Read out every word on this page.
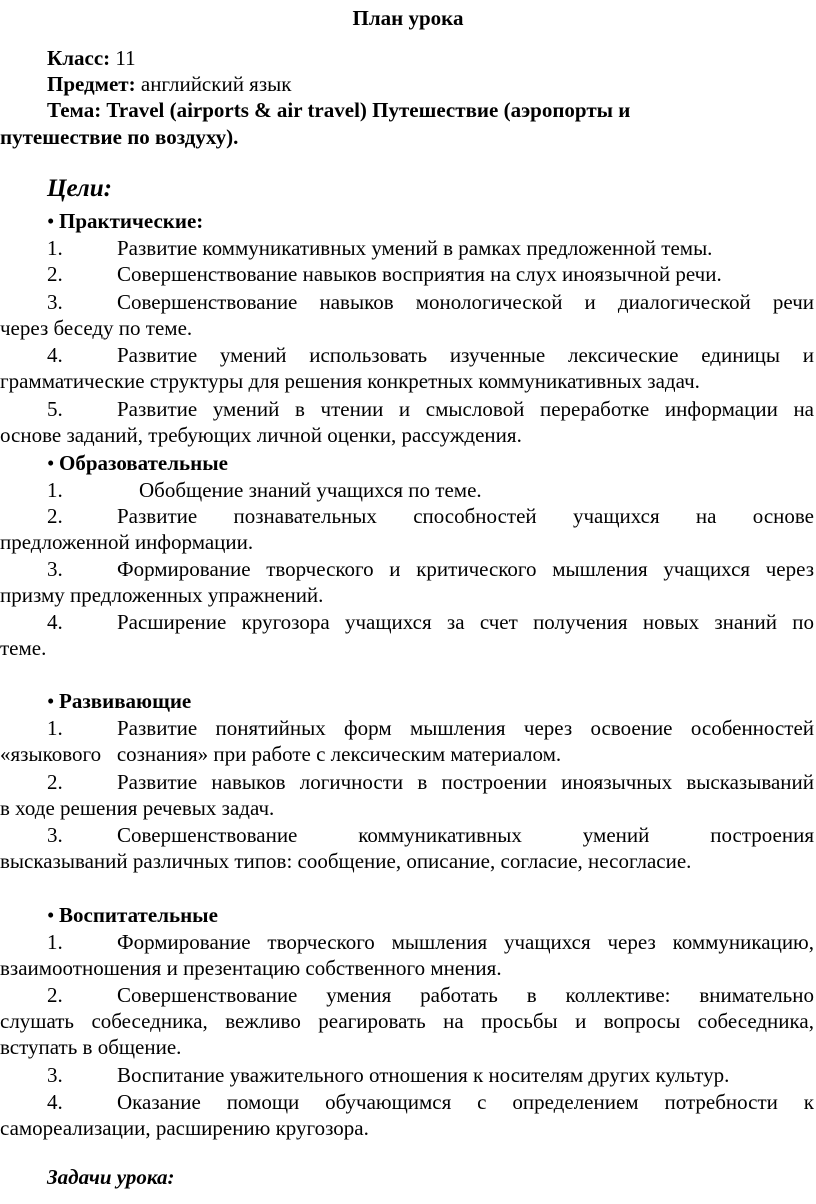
План урока
Класс: 11
Предмет: английский язык
Тема: Travel (airports & air travel) Путешествие (аэропорты и
путешествие по воздуху).
Цели:
• Практические:
1.	Развитие коммуникативных умений в рамках предложенной темы.
2.	Совершенствование навыков восприятия на слух иноязычной речи.
3.	Совершенствование навыков монологической и диалогической речи
через беседу по теме.
4.	Развитие умений использовать изученные лексические единицы и
грамматические структуры для решения конкретных коммуникативных задач.
5.	Развитие умений в чтении и смысловой переработке информации на
основе заданий, требующих личной оценки, рассуждения.
• Образовательные
1.	Обобщение знаний учащихся по теме.
2.	Развитие познавательных способностей учащихся на основе
предложенной информации.
3.	Формирование творческого и критического мышления учащихся через
призму предложенных упражнений.
4.	Расширение кругозора учащихся за счет получения новых знаний по
теме.
• Развивающие
1.	Развитие понятийных форм мышления через освоение особенностей
«языкового   сознания» при работе с лексическим материалом.
2.	Развитие навыков логичности в построении иноязычных высказываний
в ходе решения речевых задач.
3.	Совершенствование коммуникативных умений построения
высказываний различных типов: сообщение, описание, согласие, несогласие.
• Воспитательные
1.	Формирование творческого мышления учащихся через коммуникацию,
взаимоотношения и презентацию собственного мнения.
2.	Совершенствование умения работать в коллективе: внимательно
слушать собеседника, вежливо реагировать на просьбы и вопросы собеседника,
вступать в общение.
3.	Воспитание уважительного отношения к носителям других культур.
4.	Оказание помощи обучающимся с определением потребности к
самореализации, расширению кругозора.
Задачи урока:
